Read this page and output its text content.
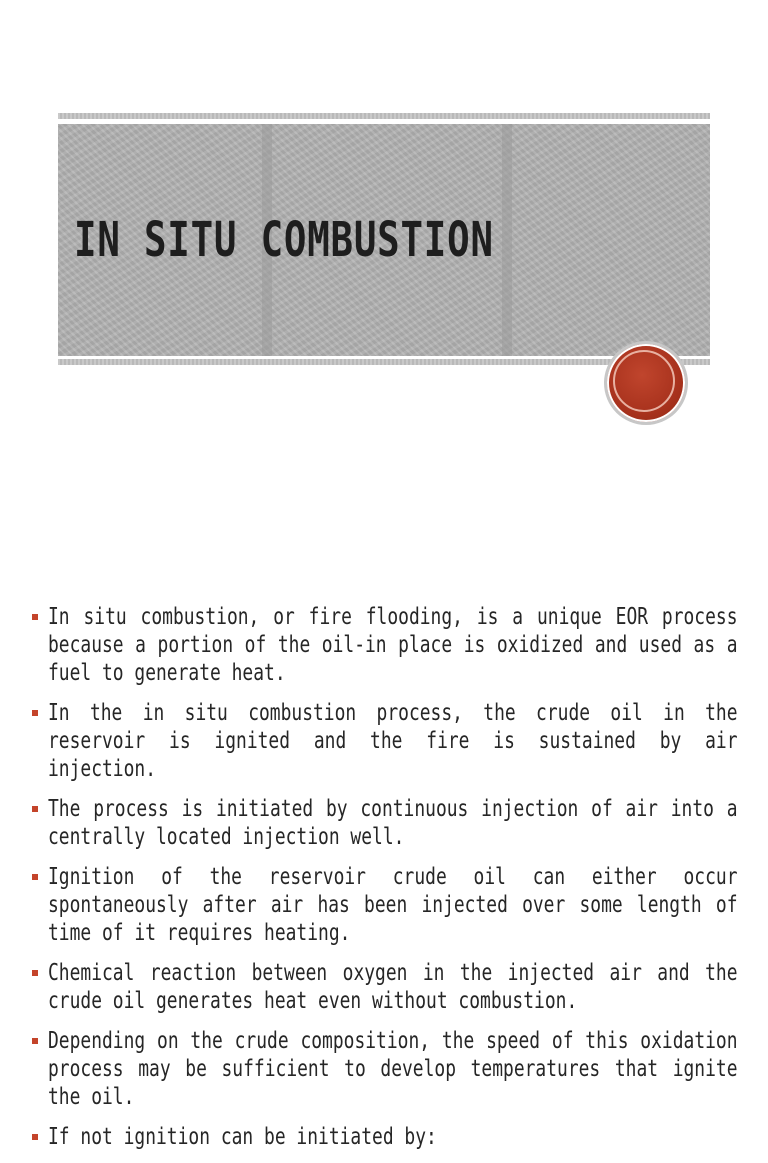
IN SITU COMBUSTION
In situ combustion, or fire flooding, is a unique EOR process because a portion of the oil-in place is oxidized and used as a fuel to generate heat.
In the in situ combustion process, the crude oil in the reservoir is ignited and the fire is sustained by air injection.
The process is initiated by continuous injection of air into a centrally located injection well.
Ignition of the reservoir crude oil can either occur spontaneously after air has been injected over some length of time of it requires heating.
Chemical reaction between oxygen in the injected air and the crude oil generates heat even without combustion.
Depending on the crude composition, the speed of this oxidation process may be sufficient to develop temperatures that ignite the oil.
If not ignition can be initiated by:
